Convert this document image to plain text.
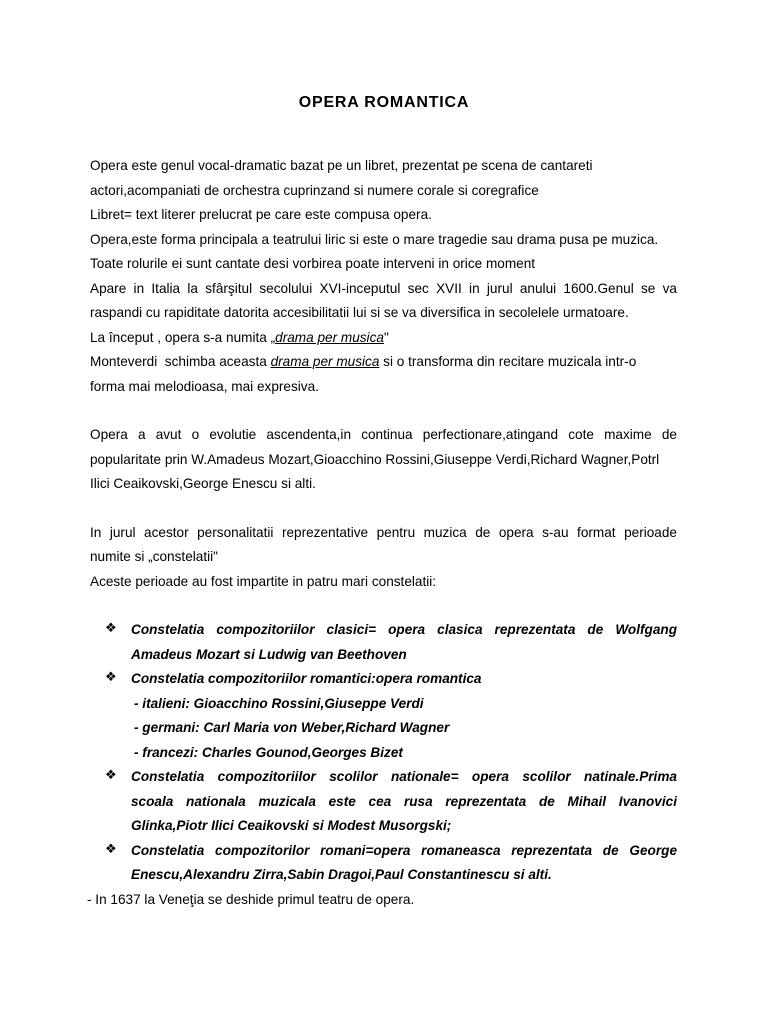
OPERA ROMANTICA
Opera este genul vocal-dramatic bazat pe un libret, prezentat pe scena de cantareti
actori,acompaniati de orchestra cuprinzand si numere corale si coregrafice
Libret= text literer prelucrat pe care este compusa opera.
Opera,este forma principala a teatrului liric si este o mare tragedie sau drama pusa pe muzica.
Toate rolurile ei sunt cantate desi vorbirea poate interveni in orice moment
Apare in Italia la sfârşitul secolului XVI-inceputul sec XVII in jurul anului 1600.Genul se va
raspandi cu rapiditate datorita accesibilitatii lui si se va diversifica in secolelele urmatoare.
La început , opera s-a numita „drama per musica"
Monteverdi  schimba aceasta drama per musica si o transforma din recitare muzicala intr-o
forma mai melodioasa, mai expresiva.
Opera a avut o evolutie ascendenta,in continua perfectionare,atingand cote maxime de
popularitate prin W.Amadeus Mozart,Gioacchino Rossini,Giuseppe Verdi,Richard Wagner,Potrl
Ilici Ceaikovski,George Enescu si alti.
In jurul acestor personalitatii reprezentative pentru muzica de opera s-au format perioade
numite si „constelatii"
Aceste perioade au fost impartite in patru mari constelatii:
❖ Constelatia compozitoriilor clasici= opera clasica reprezentata de Wolfgang
Amadeus Mozart si Ludwig van Beethoven
❖ Constelatia compozitoriilor romantici:opera romantica
- italieni: Gioacchino Rossini,Giuseppe Verdi
- germani: Carl Maria von Weber,Richard Wagner
- francezi: Charles Gounod,Georges Bizet
❖ Constelatia compozitoriilor scolilor nationale= opera scolilor natinale.Prima
scoala nationala muzicala este cea rusa reprezentata de Mihail Ivanovici
Glinka,Piotr Ilici Ceaikovski si Modest Musorgski;
❖ Constelatia compozitorilor romani=opera romaneasca reprezentata de George
Enescu,Alexandru Zirra,Sabin Dragoi,Paul Constantinescu si alti.
- In 1637 la Veneţia se deshide primul teatru de opera.
